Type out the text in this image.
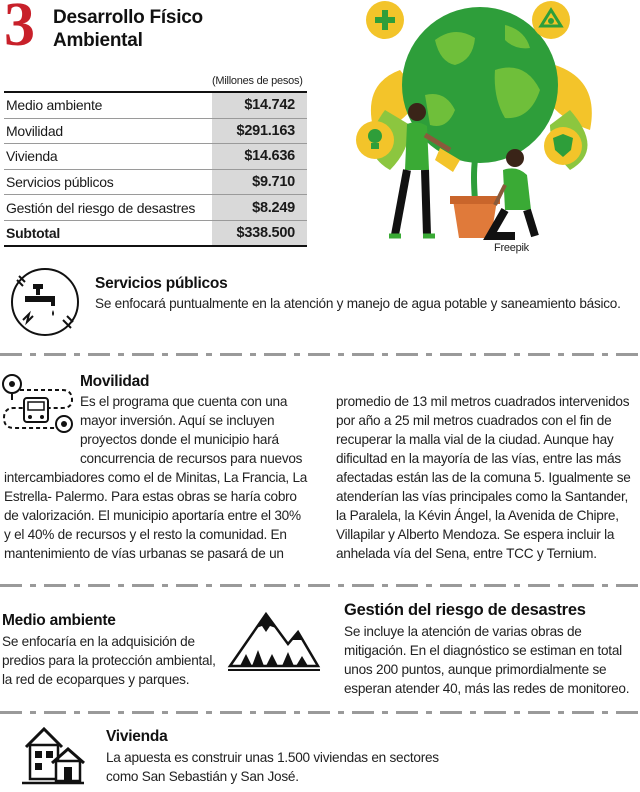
3 Desarrollo Físico Ambiental
(Millones de pesos)
Medio ambiente	$14.742
Movilidad	$291.163
Vivienda	$14.636
Servicios públicos	$9.710
Gestión del riesgo de desastres	$8.249
Subtotal	$338.500
Freepik
Servicios públicos
Se enfocará puntualmente en la atención y manejo de agua potable y saneamiento básico.
Movilidad
Es el programa que cuenta con una
mayor inversión. Aquí se incluyen
proyectos donde el municipio hará
concurrencia de recursos para nuevos
intercambiadores como el de Minitas, La Francia, La
Estrella- Palermo. Para estas obras se haría cobro
de valorización. El municipio aportaría entre el 30%
y el 40% de recursos y el resto la comunidad. En
mantenimiento de vías urbanas se pasará de un
promedio de 13 mil metros cuadrados intervenidos
por año a 25 mil metros cuadrados con el fin de
recuperar la malla vial de la ciudad. Aunque hay
dificultad en la mayoría de las vías, entre las más
afectadas están las de la comuna 5. Igualmente se
atenderían las vías principales como la Santander,
la Paralela, la Kévin Ángel, la Avenida de Chipre,
Villapilar y Alberto Mendoza. Se espera incluir la
anhelada vía del Sena, entre TCC y Ternium.
Medio ambiente
Se enfocaría en la adquisición de
predios para la protección ambiental,
la red de ecoparques y parques.
Gestión del riesgo de desastres
Se incluye la atención de varias obras de
mitigación. En el diagnóstico se estiman en total
unos 200 puntos, aunque primordialmente se
esperan atender 40, más las redes de monitoreo.
Vivienda
La apuesta es construir unas 1.500 viviendas en sectores
como San Sebastián y San José.
